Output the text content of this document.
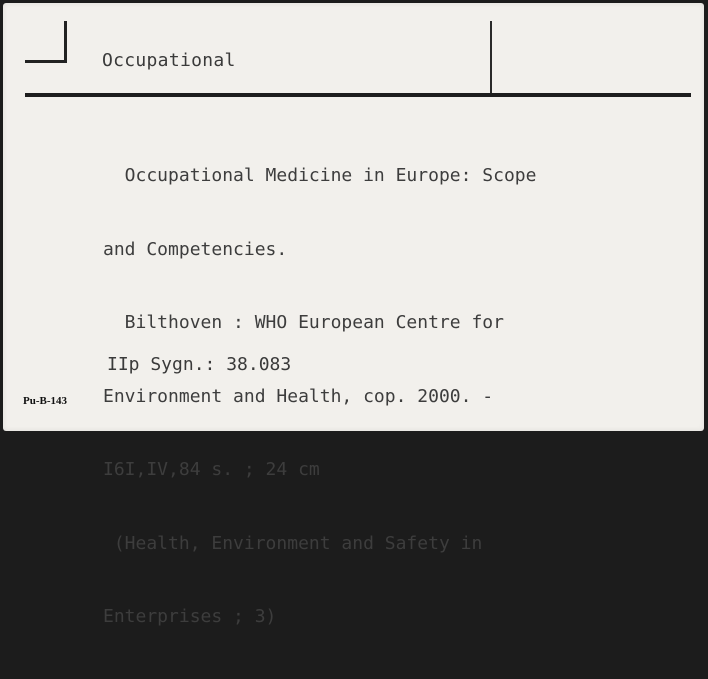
Occupational

Occupational Medicine in Europe: Scope

and Competencies.

Bilthoven : WHO European Centre for

Environment and Health, cop. 2000. -

I6I,IV,84 s. ; 24 cm

(Health, Environment and Safety in

Enterprises ; 3)

IIp Sygn.: 38.083
Pu-B-143
